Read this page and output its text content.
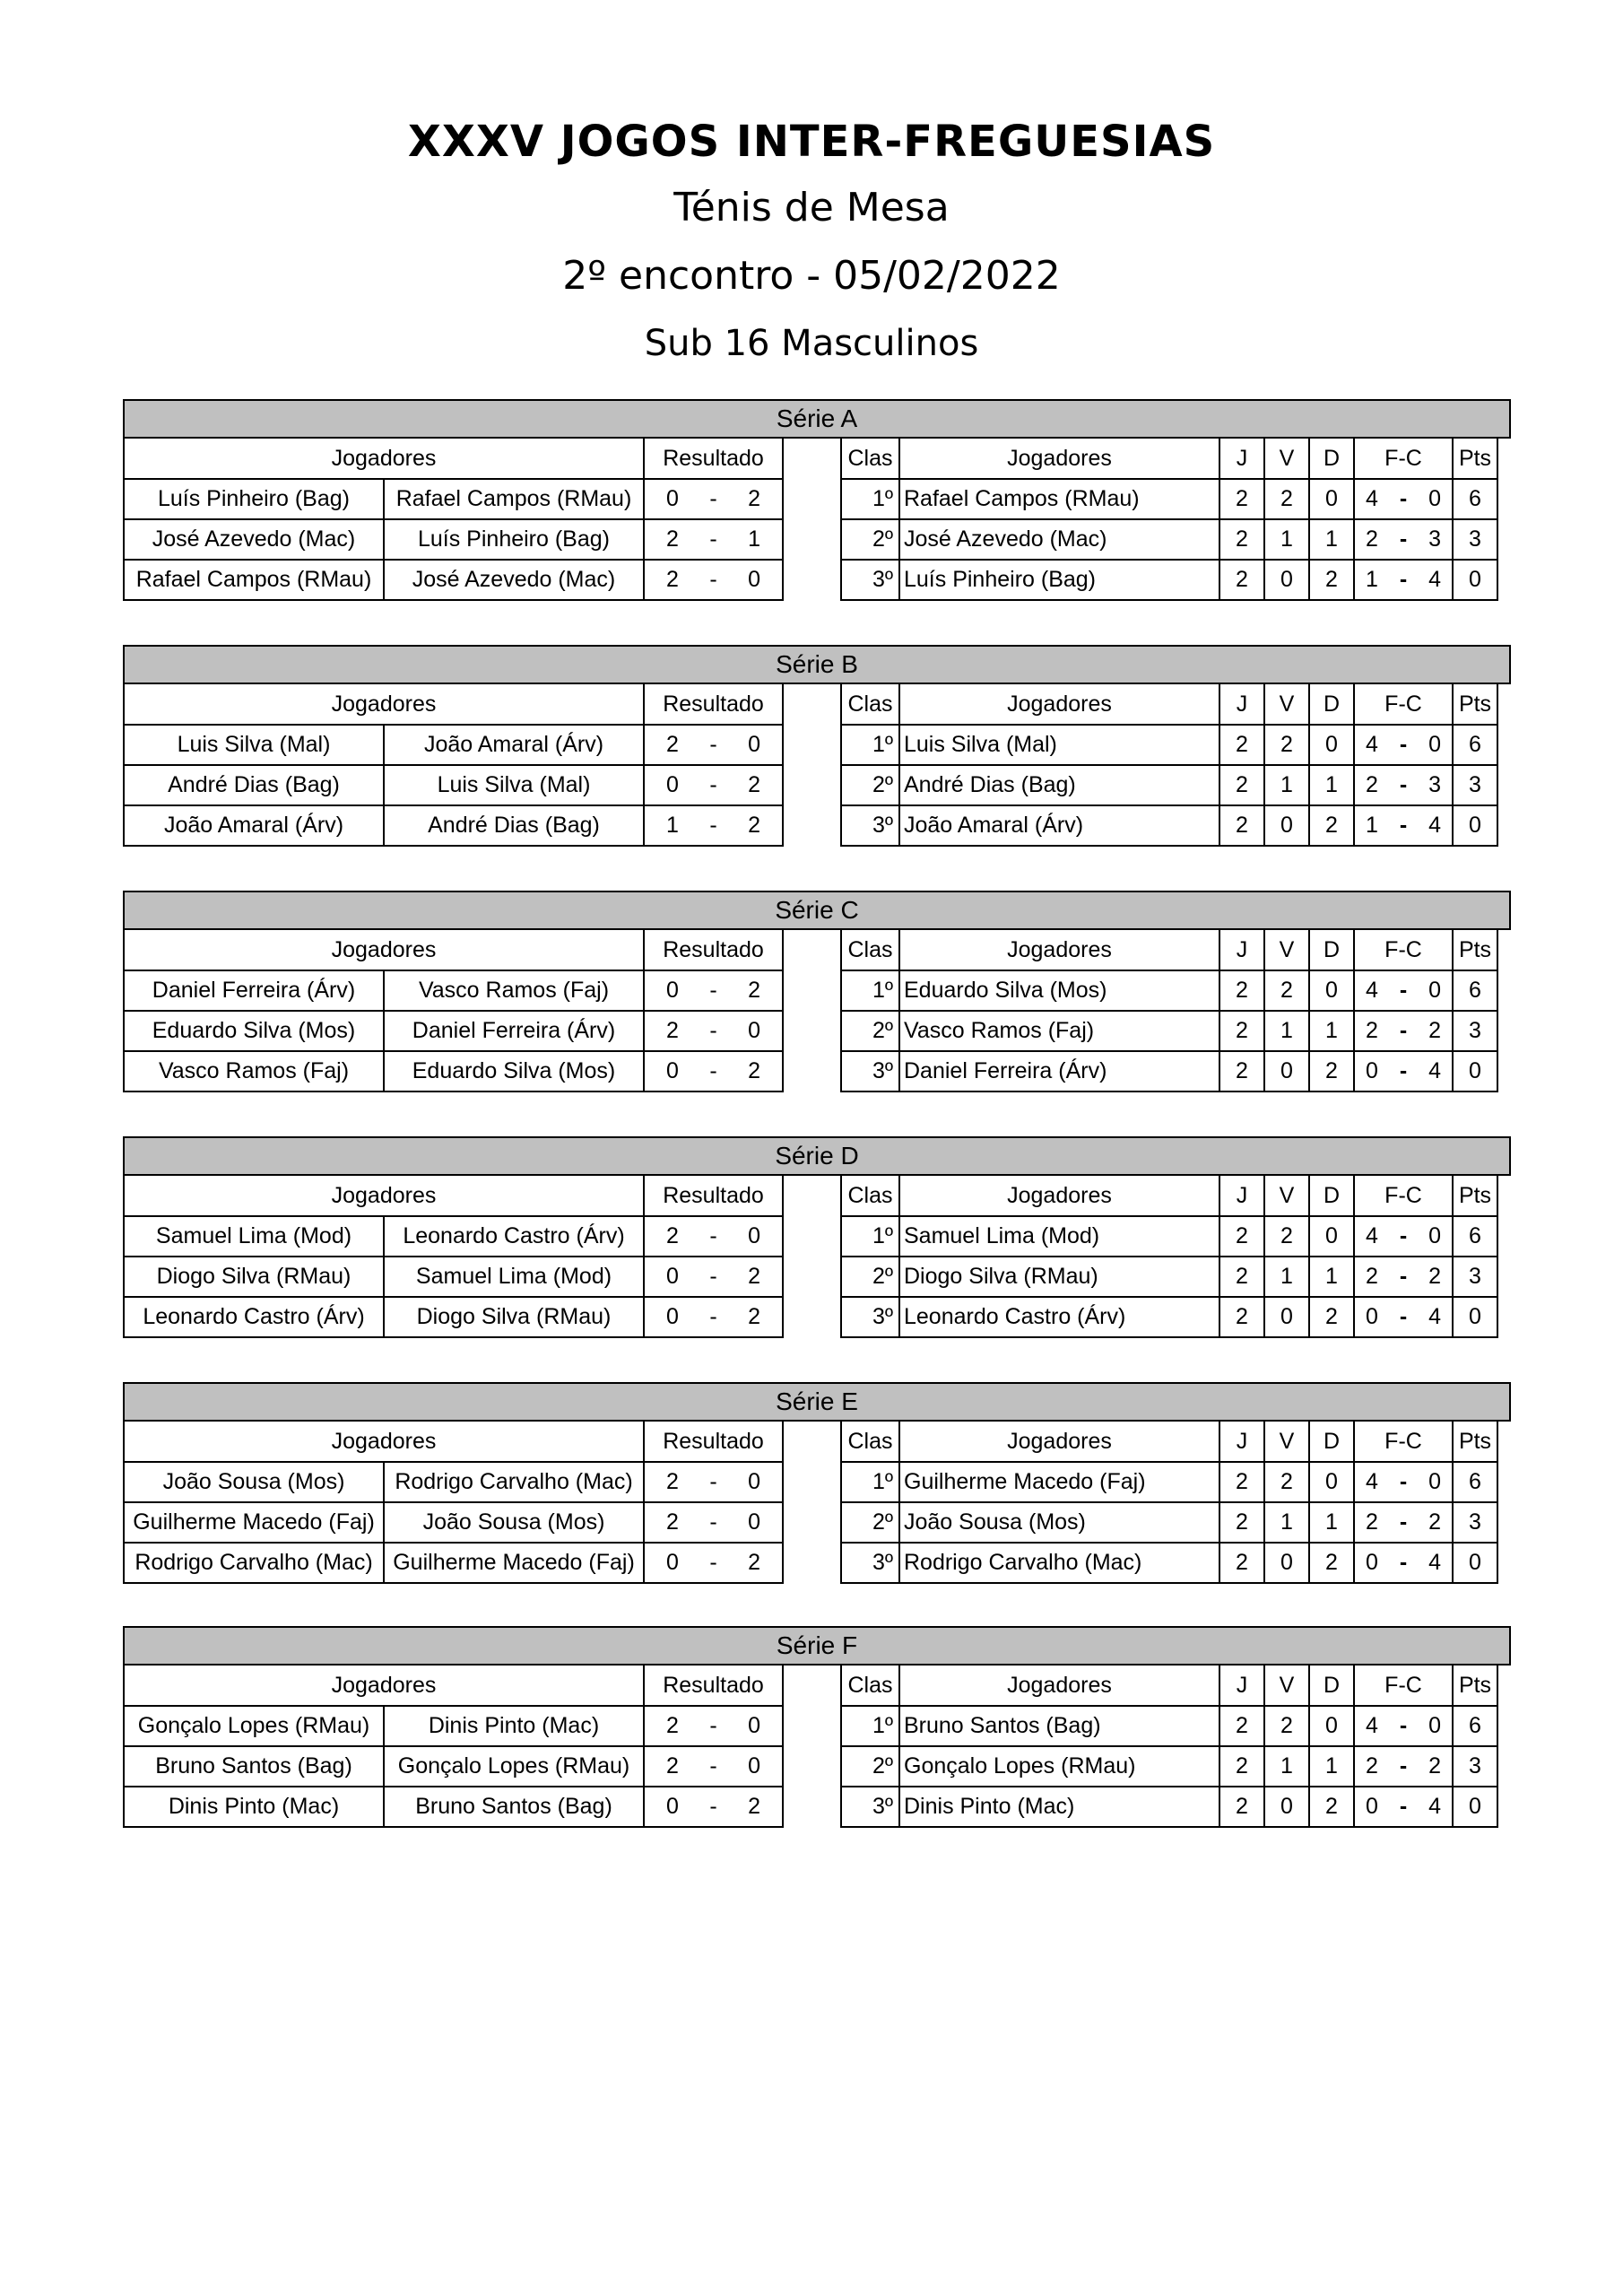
XXXV JOGOS INTER-FREGUESIAS
Ténis de Mesa
2º encontro - 05/02/2022
Sub 16 Masculinos
Série A
Jogadores		Resultado
Luís Pinheiro (Bag)	Rafael Campos (RMau)	0 - 2

José Azevedo (Mac)	Luís Pinheiro (Bag)	2 - 1

Rafael Campos (RMau)	José Azevedo (Mac)	2 - 0
Clas	Jogadores	J	V	D	F-C	Pts
1º	Rafael Campos (RMau)	2	2	0	4 - 0	6
2º	José Azevedo (Mac)	2	1	1	2 - 3	3
3º	Luís Pinheiro (Bag)	2	0	2	1 - 4	0
Série B
Jogadores		Resultado
Luis Silva (Mal)	João Amaral (Árv)	2 - 0

André Dias (Bag)	Luis Silva (Mal)	0 - 2

João Amaral (Árv)	André Dias (Bag)	1 - 2
Clas	Jogadores	J	V	D	F-C	Pts
1º	Luis Silva (Mal)	2	2	0	4 - 0	6
2º	André Dias (Bag)	2	1	1	2 - 3	3
3º	João Amaral (Árv)	2	0	2	1 - 4	0
Série C
Jogadores		Resultado
Daniel Ferreira (Árv)	Vasco Ramos (Faj)	0 - 2

Eduardo Silva (Mos)	Daniel Ferreira (Árv)	2 - 0

Vasco Ramos (Faj)	Eduardo Silva (Mos)	0 - 2
Clas	Jogadores	J	V	D	F-C	Pts
1º	Eduardo Silva (Mos)	2	2	0	4 - 0	6
2º	Vasco Ramos (Faj)	2	1	1	2 - 2	3
3º	Daniel Ferreira (Árv)	2	0	2	0 - 4	0
Série D
Jogadores		Resultado
Samuel Lima (Mod)	Leonardo Castro (Árv)	2 - 0

Diogo Silva (RMau)	Samuel Lima (Mod)	0 - 2

Leonardo Castro (Árv)	Diogo Silva (RMau)	0 - 2
Clas	Jogadores	J	V	D	F-C	Pts
1º	Samuel Lima (Mod)	2	2	0	4 - 0	6
2º	Diogo Silva (RMau)	2	1	1	2 - 2	3
3º	Leonardo Castro (Árv)	2	0	2	0 - 4	0
Série E
Jogadores		Resultado
João Sousa (Mos)	Rodrigo Carvalho (Mac)	2 - 0

Guilherme Macedo (Faj)	João Sousa (Mos)	2 - 0

Rodrigo Carvalho (Mac)	Guilherme Macedo (Faj)	0 - 2
Clas	Jogadores	J	V	D	F-C	Pts
1º	Guilherme Macedo (Faj)	2	2	0	4 - 0	6
2º	João Sousa (Mos)	2	1	1	2 - 2	3
3º	Rodrigo Carvalho (Mac)	2	0	2	0 - 4	0
Série F
Jogadores		Resultado
Gonçalo Lopes (RMau)	Dinis Pinto (Mac)	2 - 0

Bruno Santos (Bag)	Gonçalo Lopes (RMau)	2 - 0

Dinis Pinto (Mac)	Bruno Santos (Bag)	0 - 2
Clas	Jogadores	J	V	D	F-C	Pts
1º	Bruno Santos (Bag)	2	2	0	4 - 0	6
2º	Gonçalo Lopes (RMau)	2	1	1	2 - 2	3
3º	Dinis Pinto (Mac)	2	0	2	0 - 4	0
